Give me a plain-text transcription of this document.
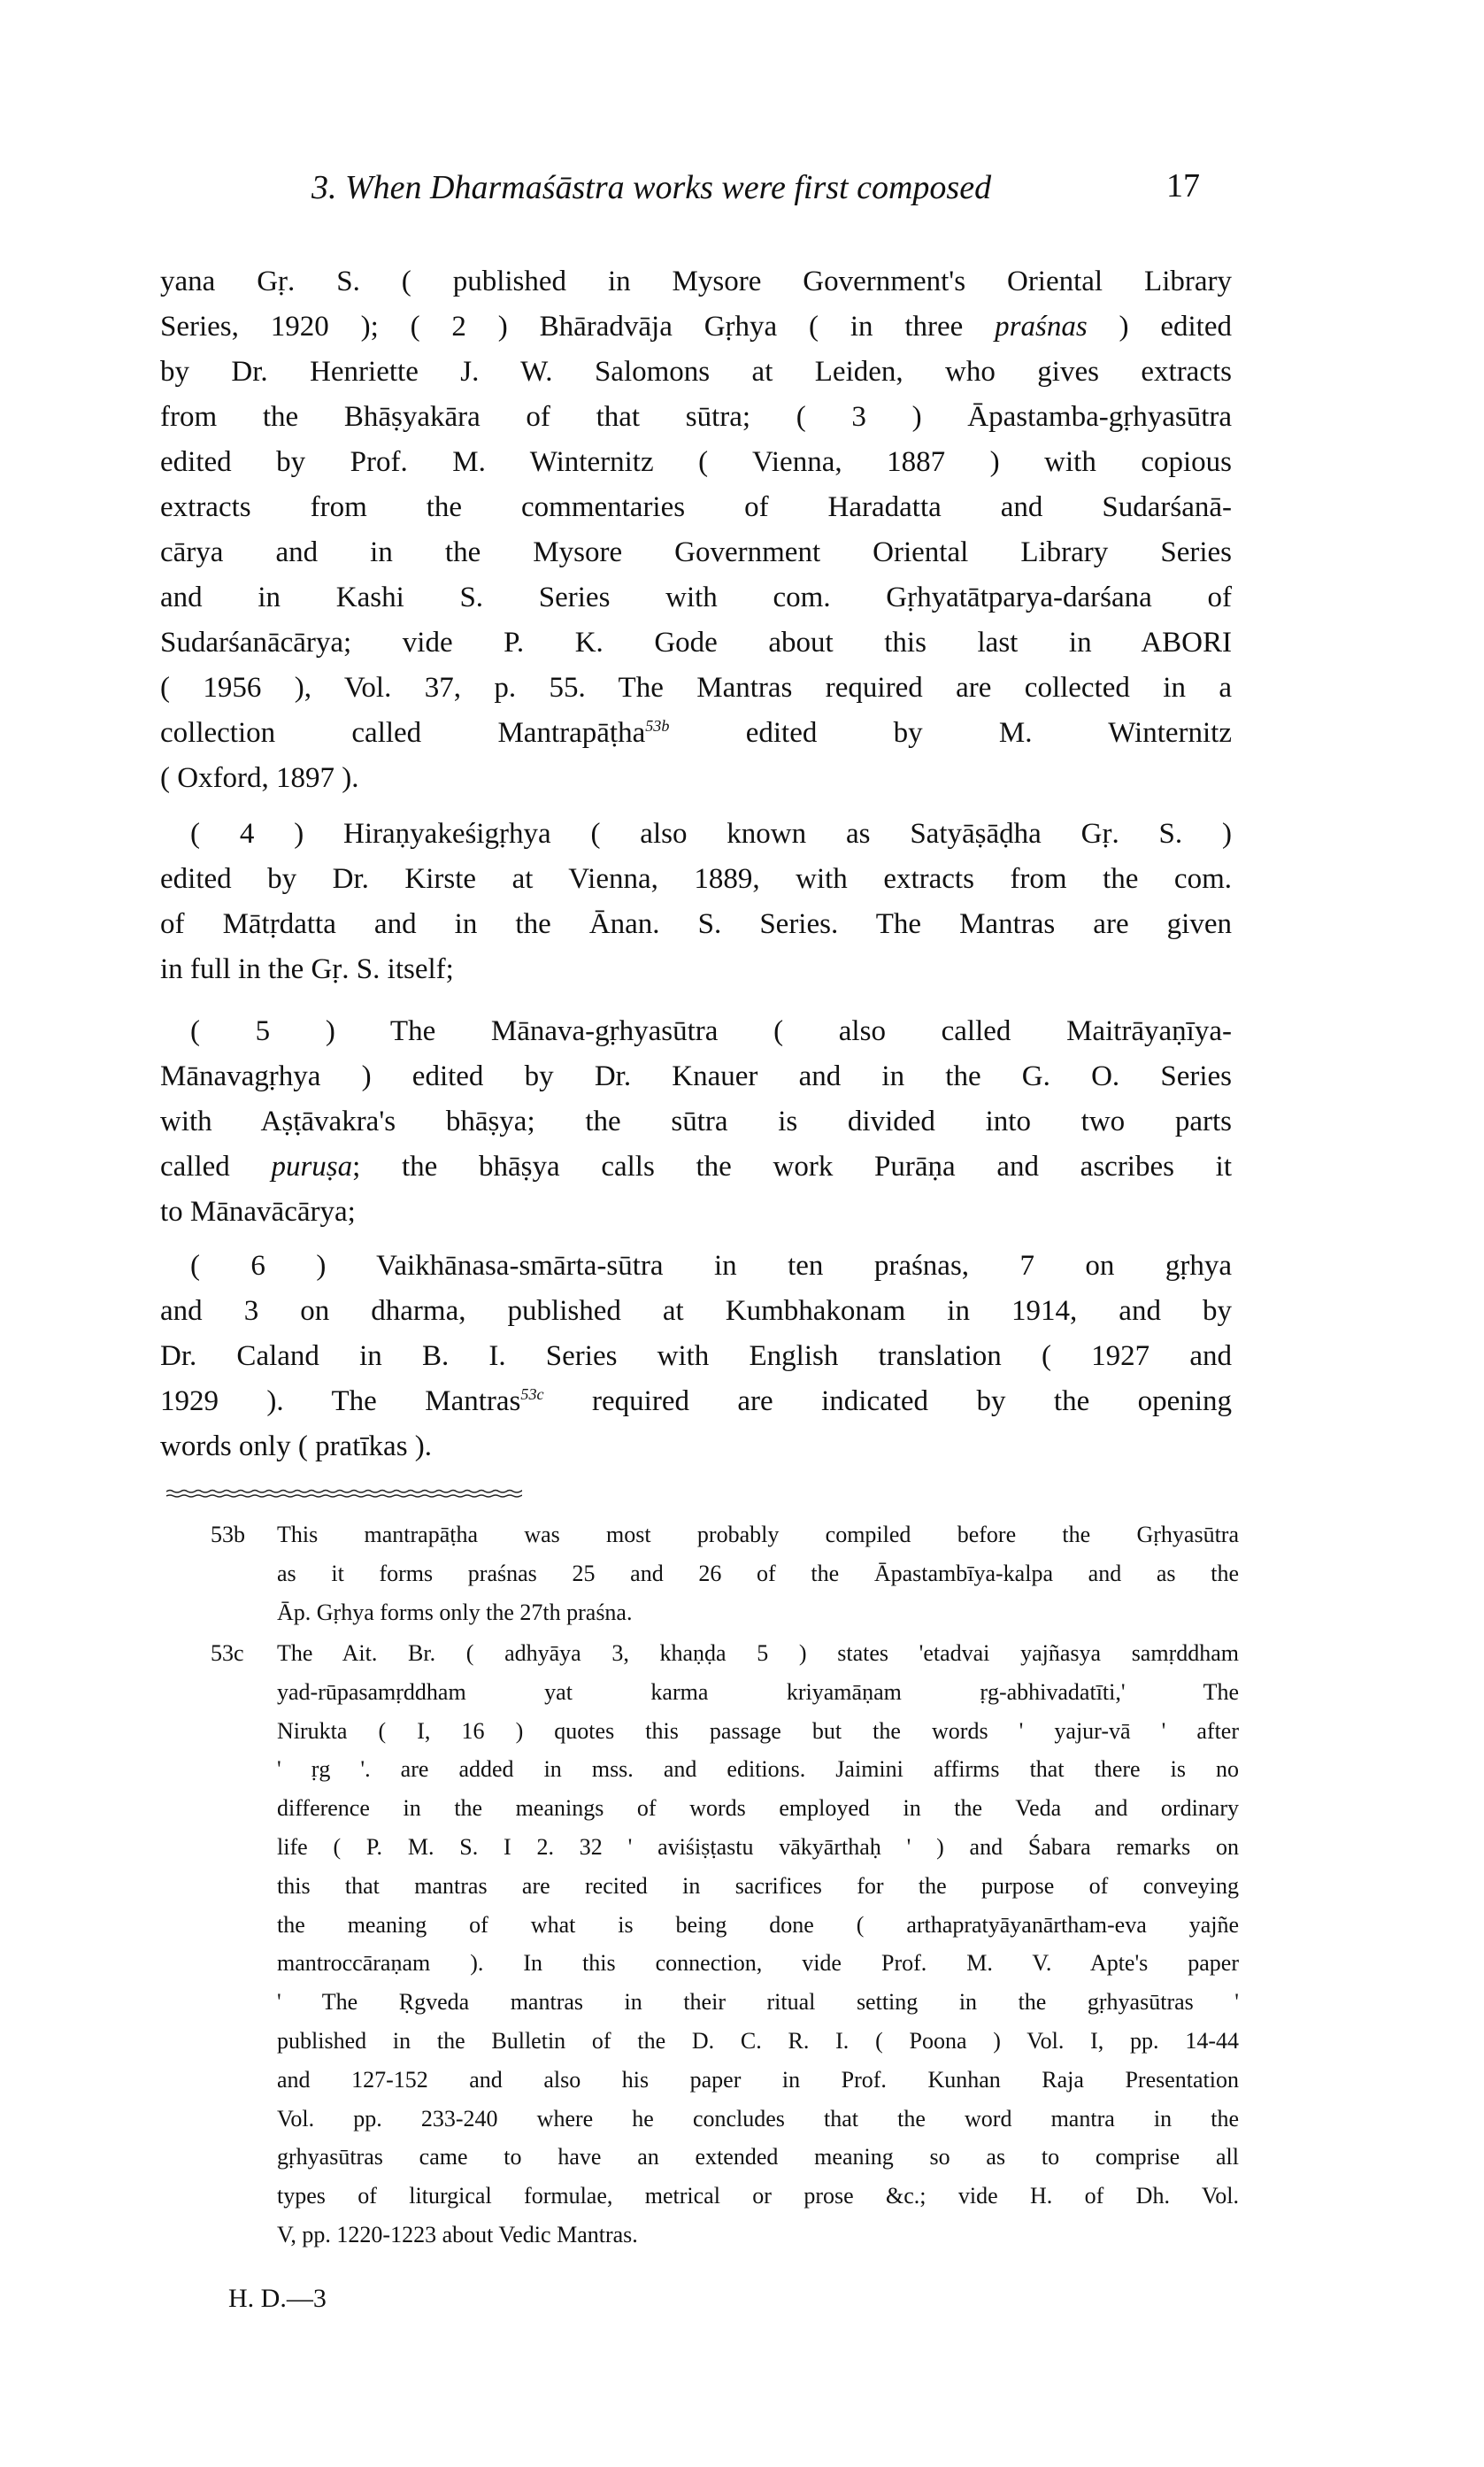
3. When Dharmaśāstra works were first composed	17
yana Gṛ. S. ( published in Mysore Government's Oriental Library
Series, 1920 ); ( 2 ) Bhāradvāja Gṛhya ( in three praśnas ) edited
by Dr. Henriette J. W. Salomons at Leiden, who gives extracts
from the Bhāṣyakāra of that sūtra; ( 3 ) Āpastamba-gṛhyasūtra
edited by Prof. M. Winternitz ( Vienna, 1887 ) with copious
extracts from the commentaries of Haradatta and Sudarśanā-
cārya and in the Mysore Government Oriental Library Series
and in Kashi S. Series with com. Gṛhyatātparya-darśana of
Sudarśanācārya; vide P. K. Gode about this last in ABORI
( 1956 ), Vol. 37, p. 55. The Mantras required are collected in a
collection called Mantrapāṭha$^{53b}$ edited by M. Winternitz
( Oxford, 1897 ).
( 4 ) Hiraṇyakeśigṛhya ( also known as Satyāṣāḍha Gṛ. S. )
edited by Dr. Kirste at Vienna, 1889, with extracts from the com.
of Mātṛdatta and in the Ānan. S. Series. The Mantras are given
in full in the Gṛ. S. itself;
( 5 ) The Mānava-gṛhyasūtra ( also called Maitrāyaṇīya-
Mānavagṛhya ) edited by Dr. Knauer and in the G. O. Series
with Aṣṭāvakra's bhāṣya; the sūtra is divided into two parts
called puruṣa; the bhāṣya calls the work Purāṇa and ascribes it
to Mānavācārya;
( 6 ) Vaikhānasa-smārta-sūtra in ten praśnas, 7 on gṛhya
and 3 on dharma, published at Kumbhakonam in 1914, and by
Dr. Caland in B. I. Series with English translation ( 1927 and
1929 ). The Mantras$^{53c}$ required are indicated by the opening
words only ( pratīkas ).
53b This mantrapāṭha was most probably compiled before the Gṛhyasūtra
as it forms praśnas 25 and 26 of the Āpastambīya-kalpa and as the
Āp. Gṛhya forms only the 27th praśna.
53c The Ait. Br. ( adhyāya 3, khaṇḍa 5 ) states 'etadvai yajñasya samṛddham
yad-rūpasamṛddham yat karma kriyamāṇam ṛg-abhivadatīti,' The
Nirukta ( I, 16 ) quotes this passage but the words ' yajur-vā ' after
' ṛg '. are added in mss. and editions. Jaimini affirms that there is no
difference in the meanings of words employed in the Veda and ordinary
life ( P. M. S. I 2. 32 ' aviśiṣṭastu vākyārthaḥ ' ) and Śabara remarks on
this that mantras are recited in sacrifices for the purpose of conveying
the meaning of what is being done ( arthapratyāyanārtham-eva yajñe
mantroccāraṇam ). In this connection, vide Prof. M. V. Apte's paper
' The Ṛgveda mantras in their ritual setting in the gṛhyasūtras '
published in the Bulletin of the D. C. R. I. ( Poona ) Vol. I, pp. 14-44
and 127-152 and also his paper in Prof. Kunhan Raja Presentation
Vol. pp. 233-240 where he concludes that the word mantra in the
gṛhyasūtras came to have an extended meaning so as to comprise all
types of liturgical formulae, metrical or prose &c.; vide H. of Dh. Vol.
V, pp. 1220-1223 about Vedic Mantras.
H. D.—3
